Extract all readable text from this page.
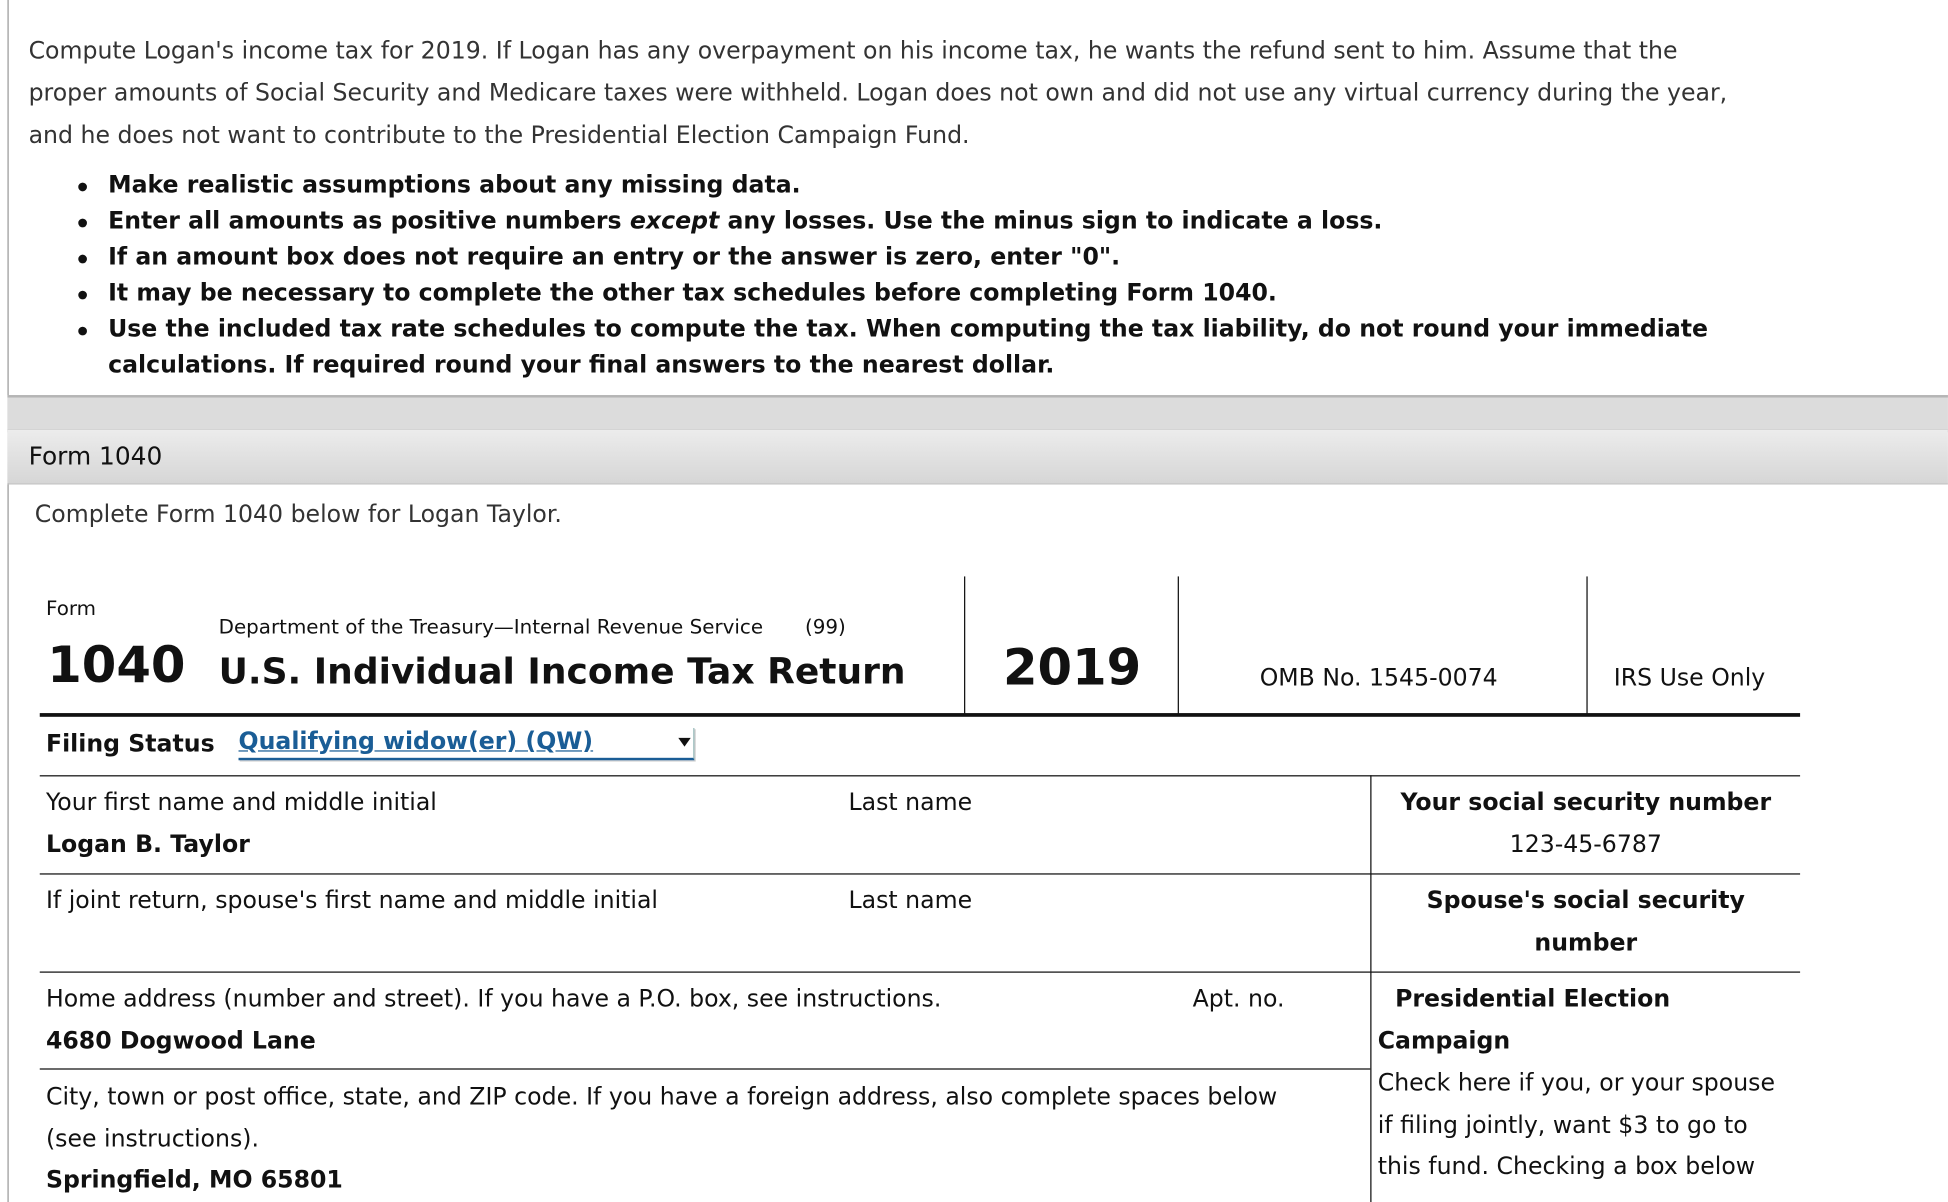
Compute Logan's income tax for 2019. If Logan has any overpayment on his income tax, he wants the refund sent to him. Assume that the proper amounts of Social Security and Medicare taxes were withheld. Logan does not own and did not use any virtual currency during the year, and he does not want to contribute to the Presidential Election Campaign Fund.
Make realistic assumptions about any missing data.
Enter all amounts as positive numbers except any losses. Use the minus sign to indicate a loss.
If an amount box does not require an entry or the answer is zero, enter "0".
It may be necessary to complete the other tax schedules before completing Form 1040.
Use the included tax rate schedules to compute the tax. When computing the tax liability, do not round your immediate calculations. If required round your final answers to the nearest dollar.
Form 1040
Complete Form 1040 below for Logan Taylor.
Form
Department of the Treasury—Internal Revenue Service	(99)
1040 U.S. Individual Income Tax Return	2019	OMB No. 1545-0074	IRS Use Only
Filing Status Qualifying widow(er) (QW)
Your first name and middle initial	Last name
Logan B. Taylor
Your social security number
123-45-6787
If joint return, spouse's first name and middle initial	Last name	Spouse's social security
number
Home address (number and street). If you have a P.O. box, see instructions.	Apt. no.
4680 Dogwood Lane
City, town or post office, state, and ZIP code. If you have a foreign address, also complete spaces below
(see instructions).
Springfield, MO 65801
Presidential Election
Campaign
Check here if you, or your spouse
if filing jointly, want $3 to go to
this fund. Checking a box below
